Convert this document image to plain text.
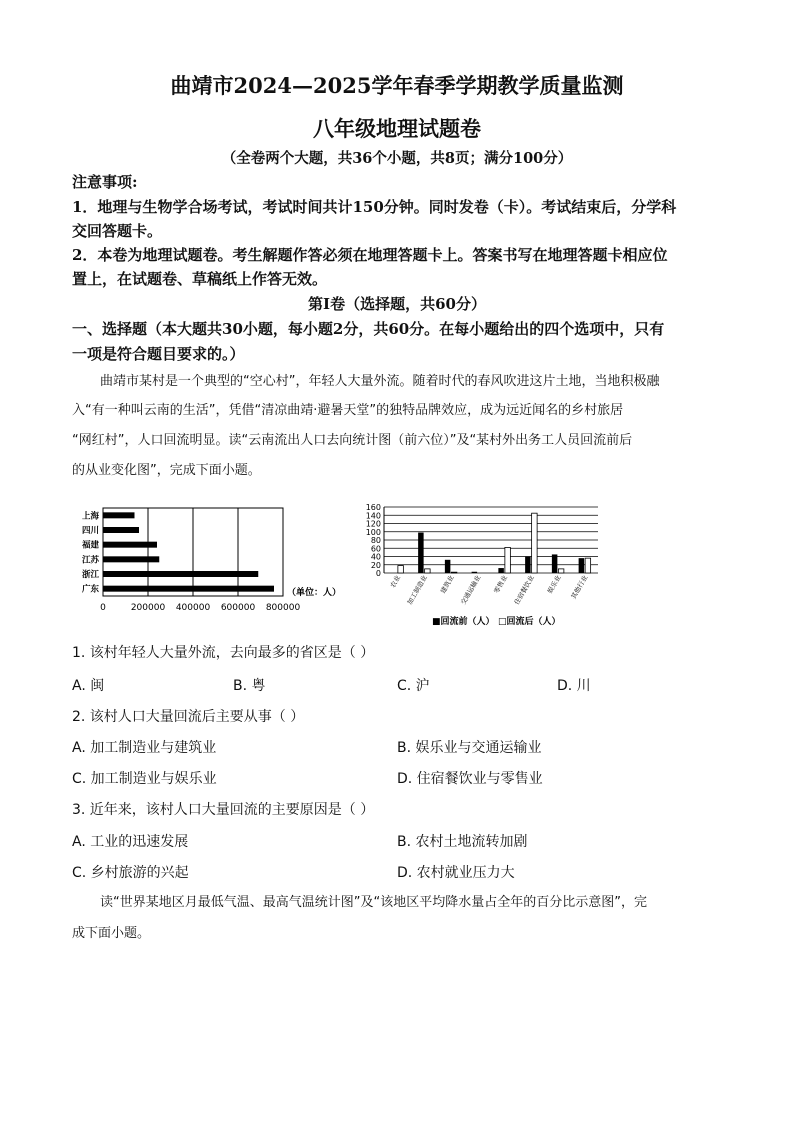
曲靖市2024—2025学年春季学期教学质量监测
八年级地理试题卷
（全卷两个大题，共36个小题，共8页；满分100分）
注意事项:
1．地理与生物学合场考试，考试时间共计150分钟。同时发卷（卡）。考试结束后，分学科
交回答题卡。
2．本卷为地理试题卷。考生解题作答必须在地理答题卡上。答案书写在地理答题卡相应位
置上，在试题卷、草稿纸上作答无效。
第Ⅰ卷（选择题，共60分）
一、选择题（本大题共30小题，每小题2分，共60分。在每小题给出的四个选项中，只有
一项是符合题目要求的。）
曲靖市某村是一个典型的“空心村”，年轻人大量外流。随着时代的春风吹进这片土地，当地积极融
入“有一种叫云南的生活”，凭借“清凉曲靖·避暑天堂”的独特品牌效应，成为远近闻名的乡村旅居
“网红村”，人口回流明显。读“云南流出人口去向统计图（前六位）”及“某村外出务工人员回流前后
的从业变化图”，完成下面小题。
0	200000 400000 600000 800000
上海
四川
福建
江苏
浙江
广东	（单位：人）
0
20
40
60
80
100
120
140
160
农业 加工制造业 建筑业 交通运输业 零售业 住宿餐饮业 娱乐业 其他行业
■回流前（人） □回流后（人）
1. 该村年轻人大量外流，去向最多的省区是（ ）
A. 闽	B. 粤	C. 沪	D. 川
2. 该村人口大量回流后主要从事（ ）
A. 加工制造业与建筑业	B. 娱乐业与交通运输业
C. 加工制造业与娱乐业	D. 住宿餐饮业与零售业
3. 近年来，该村人口大量回流的主要原因是（ ）
A. 工业的迅速发展	B. 农村土地流转加剧
C. 乡村旅游的兴起	D. 农村就业压力大
读“世界某地区月最低气温、最高气温统计图”及“该地区平均降水量占全年的百分比示意图”，完
成下面小题。
